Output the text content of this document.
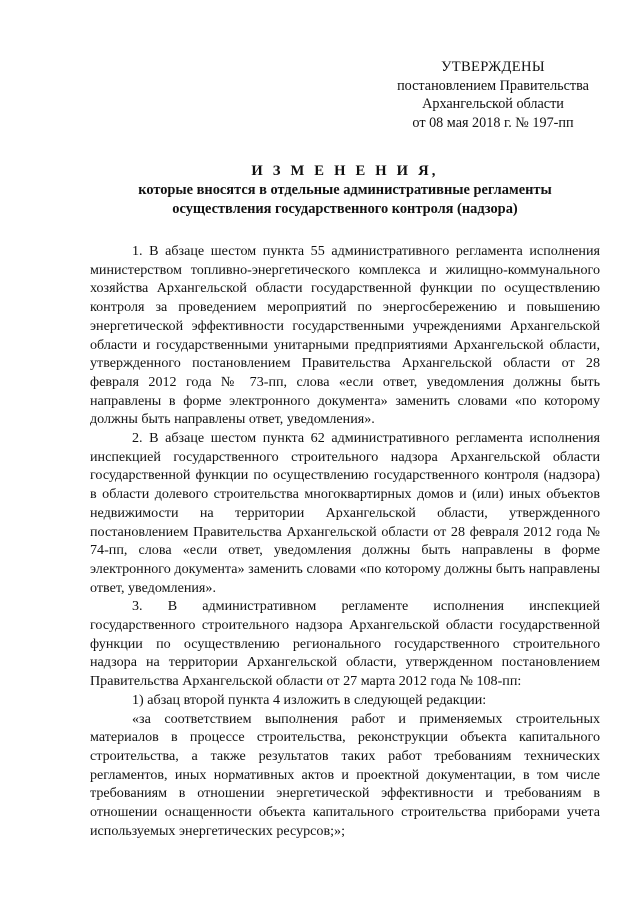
УТВЕРЖДЕНЫ
постановлением Правительства
Архангельской области
от 08 мая 2018 г. № 197-пп
И З М Е Н Е Н И Я,
которые вносятся в отдельные административные регламенты
осуществления государственного контроля (надзора)

1. В абзаце шестом пункта 55 административного регламента исполнения министерством топливно-энергетического комплекса и жилищно-коммунального хозяйства Архангельской области государственной функции по осуществлению контроля за проведением мероприятий по энергосбережению и повышению энергетической эффективности государственными учреждениями Архангельской области и государственными унитарными предприятиями Архангельской области, утвержденного постановлением Правительства Архангельской области от 28 февраля 2012 года № 73-пп, слова «если ответ, уведомления должны быть направлены в форме электронного документа» заменить словами «по которому должны быть направлены ответ, уведомления».

2. В абзаце шестом пункта 62 административного регламента исполнения инспекцией государственного строительного надзора Архангельской области государственной функции по осуществлению государственного контроля (надзора) в области долевого строительства многоквартирных домов и (или) иных объектов недвижимости на территории Архангельской области, утвержденного постановлением Правительства Архангельской области от 28 февраля 2012 года № 74-пп, слова «если ответ, уведомления должны быть направлены в форме электронного документа» заменить словами «по которому должны быть направлены ответ, уведомления».

3. В административном регламенте исполнения инспекцией государственного строительного надзора Архангельской области государственной функции по осуществлению регионального государственного строительного надзора на территории Архангельской области, утвержденном постановлением Правительства Архангельской области от 27 марта 2012 года № 108-пп:

1) абзац второй пункта 4 изложить в следующей редакции:

«за соответствием выполнения работ и применяемых строительных материалов в процессе строительства, реконструкции объекта капитального строительства, а также результатов таких работ требованиям технических регламентов, иных нормативных актов и проектной документации, в том числе требованиям в отношении энергетической эффективности и требованиям в отношении оснащенности объекта капитального строительства приборами учета используемых энергетических ресурсов;»;
